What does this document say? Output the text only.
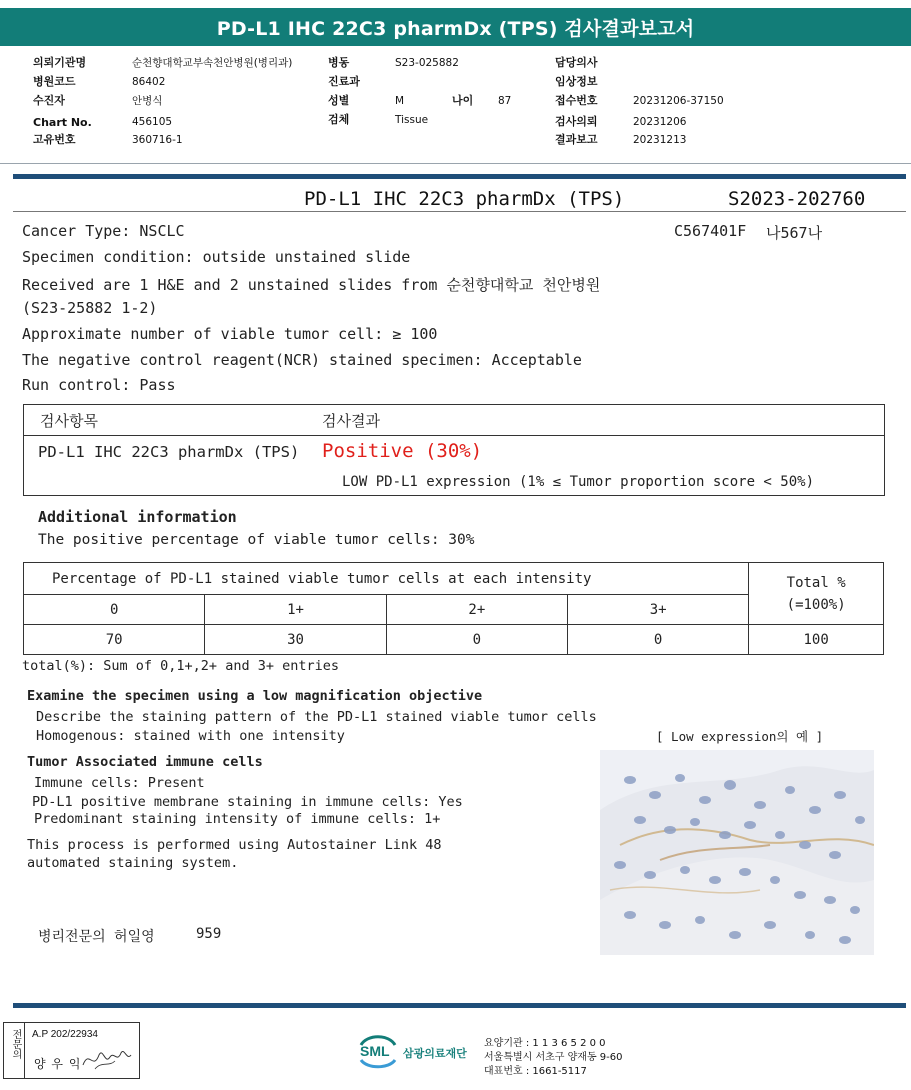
PD-L1 IHC 22C3 pharmDx (TPS) 검사결과보고서
의뢰기관명	순천향대학교부속천안병원(병리과)
병원코드	86402
수진자	안병식
Chart No.	456105
고유번호	360716-1
병동	S23-025882
진료과
성별	M	나이 87
검체	Tissue
담당의사
임상정보
접수번호	20231206-37150
검사의뢰	20231206
결과보고	20231213
PD-L1 IHC 22C3 pharmDx (TPS)	S2023-202760
Cancer Type: NSCLC	C567401F 나567나
Specimen condition: outside unstained slide
Received are 1 H&E and 2 unstained slides from 순천향대학교 천안병원
(S23-25882 1-2)
Approximate number of viable tumor cell: ≥ 100
The negative control reagent(NCR) stained specimen: Acceptable
Run control: Pass
검사항목	검사결과
PD-L1 IHC 22C3 pharmDx (TPS) Positive (30%)
LOW PD-L1 expression (1% ≤ Tumor proportion score < 50%)
Additional information
The positive percentage of viable tumor cells: 30%
Percentage of PD-L1 stained viable tumor cells at each intensity				Total %
(=100%)

0	1+	2+	3+	
70	30	0	0	100
total(%): Sum of 0,1+,2+ and 3+ entries
Examine the specimen using a low magnification objective
Describe the staining pattern of the PD-L1 stained viable tumor cells
Homogenous: stained with one intensity	[ Low expression의 예 ]
Tumor Associated immune cells
Immune cells: Present
PD-L1 positive membrane staining in immune cells: Yes
Predominant staining intensity of immune cells: 1+
This process is performed using Autostainer Link 48
automated staining system.
병리전문의 허일영	959
전문의 A.P 202/22934
양 우 익
SML 삼광의료재단
요양기관 : 1 1 3 6 5 2 0 0
서울특별시 서초구 양재동 9-60
대표번호 : 1661-5117
